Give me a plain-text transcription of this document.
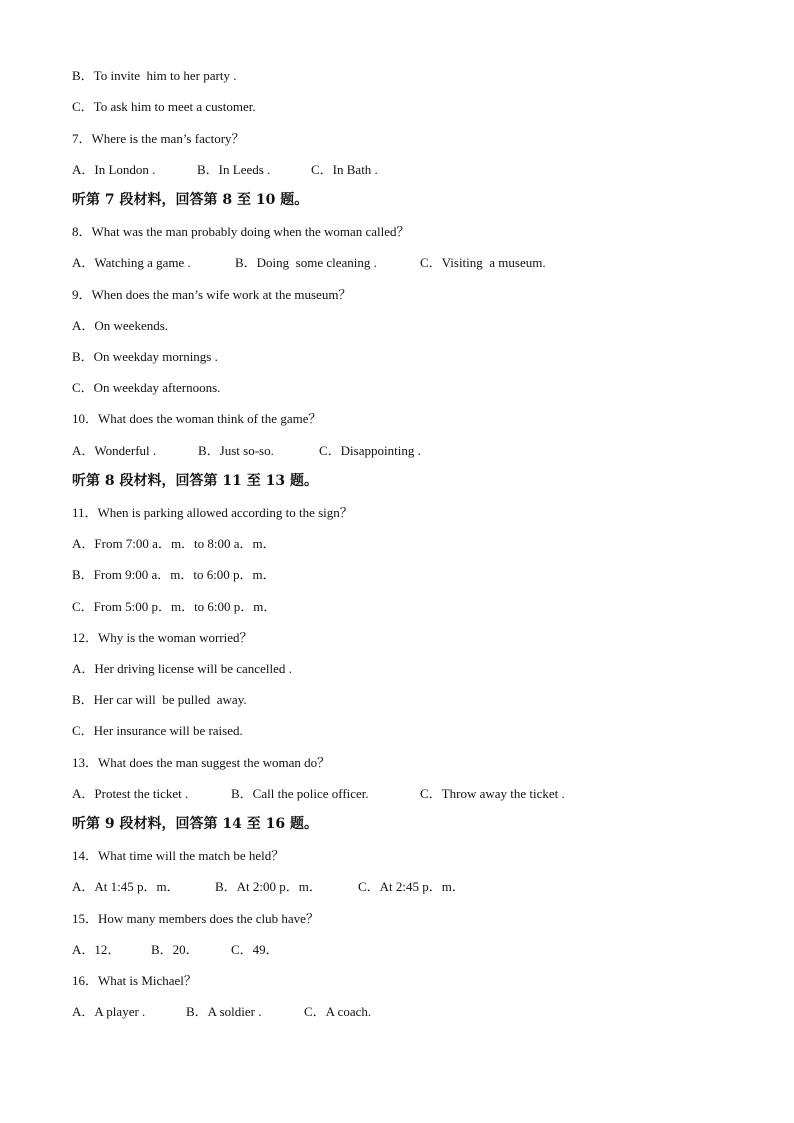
B．To invite  him to her party .
C．To ask him to meet a customer.
7．Where is the man’s factory？

A．In London .

	B．In Leeds .

	C．In Bath .

听第 7 段材料，回答第 8 至 10 题。
8．What was the man probably doing when the woman called？

A．Watching a game .

	B．Doing  some cleaning .

	C．Visiting  a museum.

9．When does the man’s wife work at the museum？
A．On weekends.
B．On weekday mornings .
C．On weekday afternoons.
10．What does the woman think of the game？

A．Wonderful .

	B．Just so-so.

	C．Disappointing .

听第 8 段材料，回答第 11 至 13 题。
11．When is parking allowed according to the sign？
A．From 7:00 a．m．to 8:00 a．m．
B．From 9:00 a．m．to 6:00 p．m．
C．From 5:00 p．m．to 6:00 p．m．
12．Why is the woman worried？
A．Her driving license will be cancelled .
B．Her car will  be pulled  away.
C．Her insurance will be raised.
13．What does the man suggest the woman do？

A．Protest the ticket .

	B．Call the police officer.

	C．Throw away the ticket .

听第 9 段材料，回答第 14 至 16 题。
14．What time will the match be held？

A．At 1:45 p．m．

	B．At 2:00 p．m．

	C．At 2:45 p．m．

15．How many members does the club have？

A．12．

B．20．

C．49．

16．What is Michael？

A．A player .

	B．A soldier .

	C．A coach.
